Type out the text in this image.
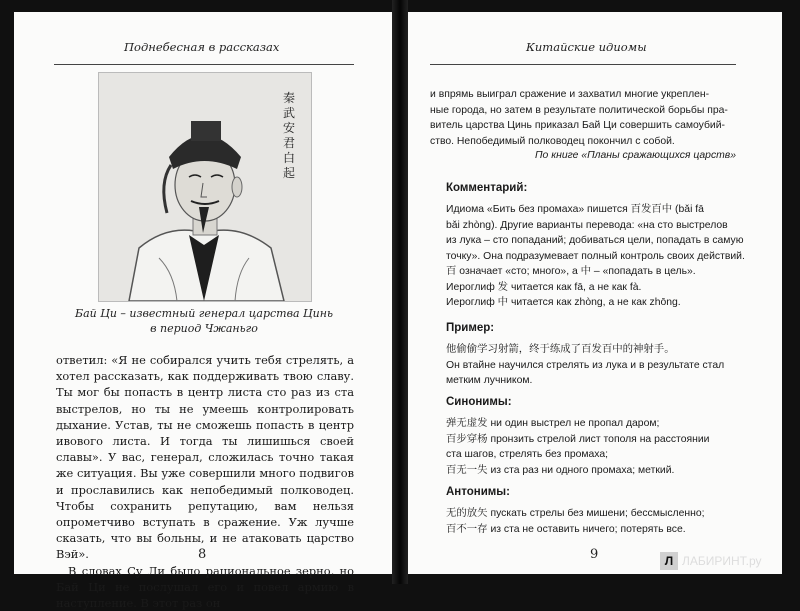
Поднебесная в рассказах
秦武安君白起
Бай Ци – известный генерал царства Цинь
в период Чжаньго

ответил: «Я не собирался учить тебя стрелять, а хотел рассказать, как поддерживать твою славу. Ты мог бы попасть в центр листа сто раз из ста выстрелов, но ты не умеешь контролировать дыхание. Устав, ты не сможешь попасть в центр ивового листа. И тогда ты лишишься своей славы». У вас, генерал, сложилась точно такая же ситуация. Вы уже совершили много подвигов и прославились как непобедимый полководец. Чтобы сохранить репутацию, вам нельзя опрометчиво вступать в сражение. Уж лучше сказать, что вы больны, и не атаковать царство Вэй».

В словах Су Ли было рациональное зерно, но Бай Ци не послушал его и повел армию в наступление. В этот раз он

8
Китайские идиомы

и впрямь выиграл сражение и захватил многие укреплен-

ные города, но затем в результате политической борьбы пра-

витель царства Цинь приказал Бай Ци совершить самоубий-

ство. Непобедимый полководец покончил с собой.

По книге «Планы сражающихся царств»
Комментарий:

Идиома «Бить без промаха» пишется 百发百中 (bǎi fā

bǎi zhòng). Другие варианты перевода: «на сто выстрелов

из лука – сто попаданий; добиваться цели, попадать в самую

точку». Она подразумевает полный контроль своих действий.

百 означает «сто; много», а 中 – «попадать в цель».

Иероглиф 发 читается как fā, а не как fà.

Иероглиф 中 читается как zhòng, а не как zhōng.

Пример:

他偷偷学习射箭，终于练成了百发百中的神射手。

Он втайне научился стрелять из лука и в результате стал

метким лучником.

Синонимы:

弹无虚发 ни один выстрел не пропал даром;

百步穿杨 пронзить стрелой лист тополя на расстоянии

ста шагов, стрелять без промаха;

百无一失 из ста раз ни одного промаха; меткий.

Антонимы:

无的放矢 пускать стрелы без мишени; бессмысленно;

百不一存 из ста не оставить ничего; потерять все.

9	Л ЛАБИРИНТ.ру
